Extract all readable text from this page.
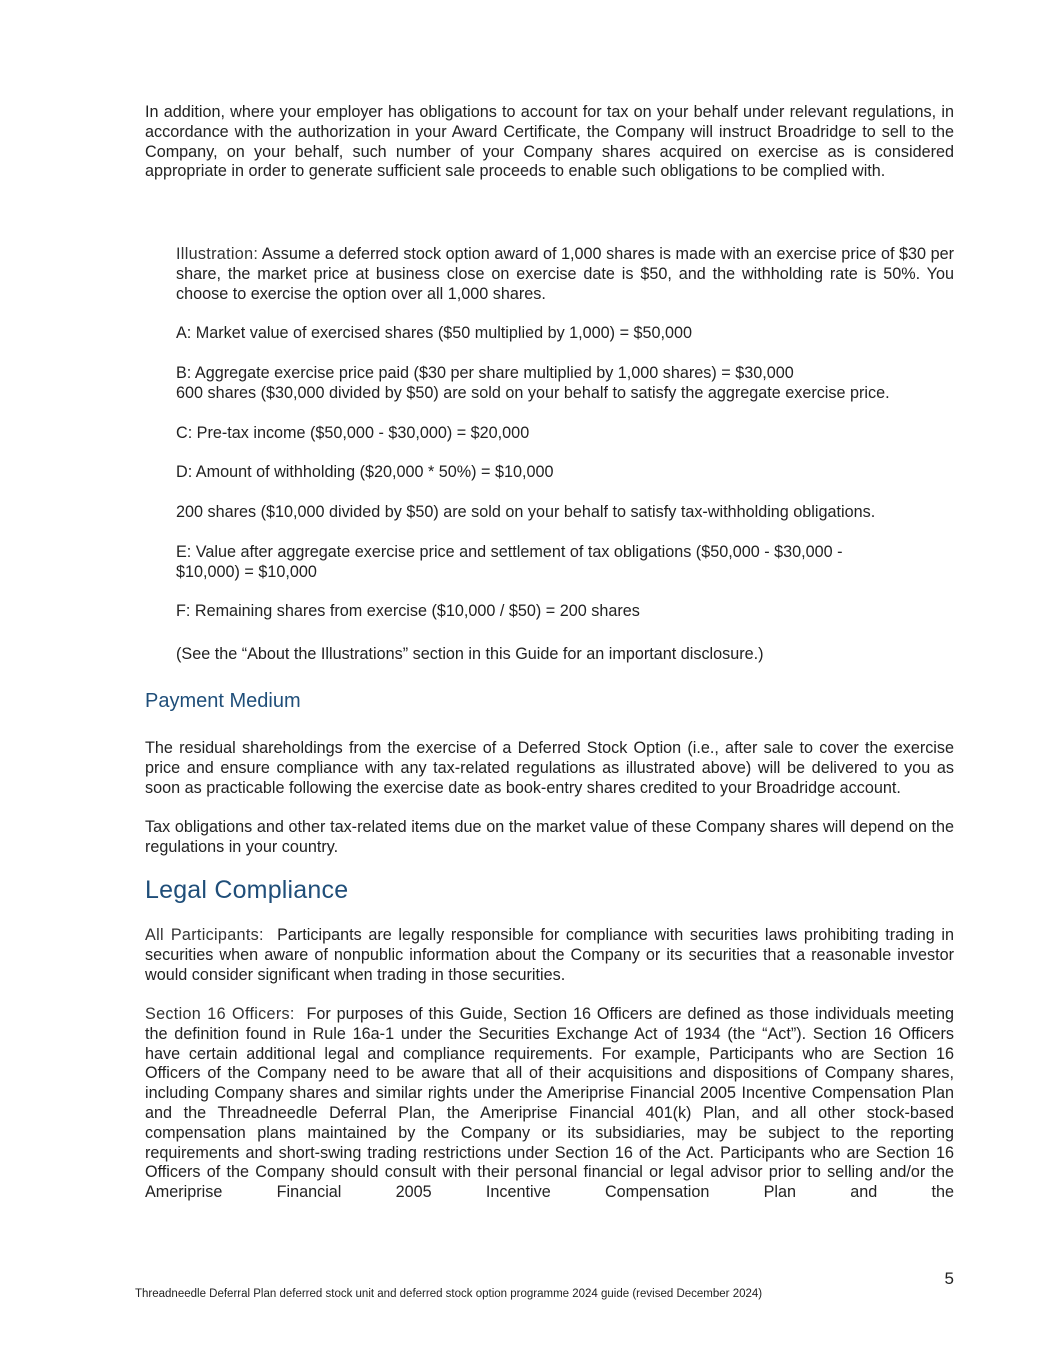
In addition, where your employer has obligations to account for tax on your behalf under relevant regulations, in accordance with the authorization in your Award Certificate, the Company will instruct Broadridge to sell to the Company, on your behalf, such number of your Company shares acquired on exercise as is considered appropriate in order to generate sufficient sale proceeds to enable such obligations to be complied with.

Illustration: Assume a deferred stock option award of 1,000 shares is made with an exercise price of $30 per share, the market price at business close on exercise date is $50, and the withholding rate is 50%. You choose to exercise the option over all 1,000 shares.

A: Market value of exercised shares ($50 multiplied by 1,000) = $50,000

B: Aggregate exercise price paid ($30 per share multiplied by 1,000 shares) = $30,000

600 shares ($30,000 divided by $50) are sold on your behalf to satisfy the aggregate exercise price.

C: Pre-tax income ($50,000 - $30,000) = $20,000

D: Amount of withholding ($20,000 * 50%) = $10,000

200 shares ($10,000 divided by $50) are sold on your behalf to satisfy tax-withholding obligations.

E: Value after aggregate exercise price and settlement of tax obligations ($50,000 - $30,000 -

$10,000) = $10,000

F: Remaining shares from exercise ($10,000 / $50) = 200 shares

(See the “About the Illustrations” section in this Guide for an important disclosure.)

Payment Medium

The residual shareholdings from the exercise of a Deferred Stock Option (i.e., after sale to cover the exercise price and ensure compliance with any tax-related regulations as illustrated above) will be delivered to you as soon as practicable following the exercise date as book-entry shares credited to your Broadridge account.

Tax obligations and other tax-related items due on the market value of these Company shares will depend on the regulations in your country.

Legal Compliance

All Participants: Participants are legally responsible for compliance with securities laws prohibiting trading in securities when aware of nonpublic information about the Company or its securities that a reasonable investor would consider significant when trading in those securities.

Section 16 Officers: For purposes of this Guide, Section 16 Officers are defined as those individuals meeting the definition found in Rule 16a-1 under the Securities Exchange Act of 1934 (the “Act”). Section 16 Officers have certain additional legal and compliance requirements. For example, Participants who are Section 16 Officers of the Company need to be aware that all of their acquisitions and dispositions of Company shares, including Company shares and similar rights under the Ameriprise Financial 2005 Incentive Compensation Plan and the Threadneedle Deferral Plan, the Ameriprise Financial 401(k) Plan, and all other stock-based compensation plans maintained by the Company or its subsidiaries, may be subject to the reporting requirements and short-swing trading restrictions under Section 16 of the Act. Participants who are Section 16 Officers of the Company should consult with their personal financial or legal advisor prior to selling and/or the Ameriprise Financial 2005 Incentive Compensation Plan and the

5
Threadneedle Deferral Plan deferred stock unit and deferred stock option programme 2024 guide (revised December 2024)
